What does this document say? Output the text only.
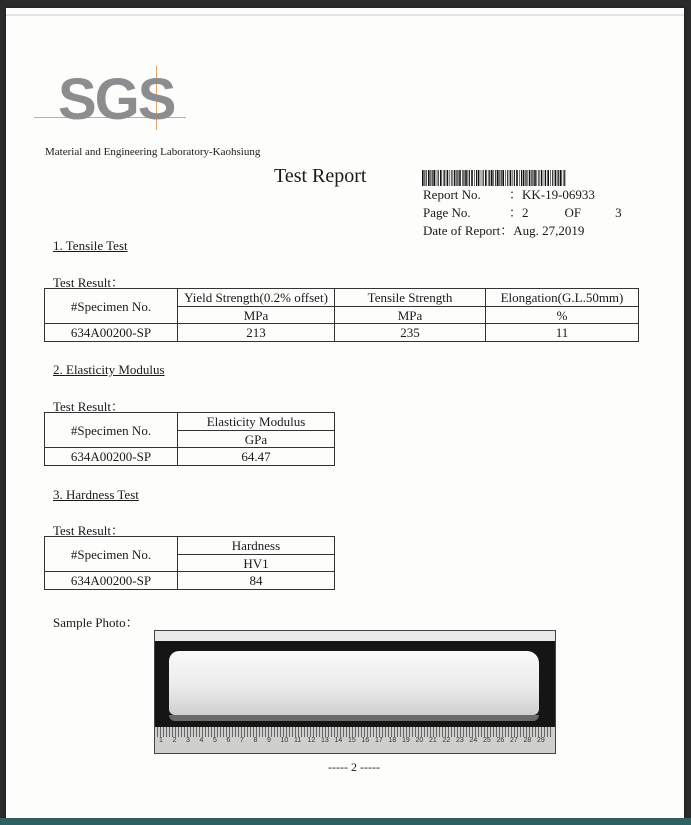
SGS
Material and Engineering Laboratory-Kaohsiung
Test Report
Report No. ：KK-19-06933
Page No.	：2	OF	3
Date of Report：Aug. 27,2019
1. Tensile Test
Test Result：
#Specimen No.	Yield Strength(0.2% offset)	Tensile Strength	Elongation(G.L.50mm)
	MPa	MPa	%
634A00200-SP	213	235	11
2. Elasticity Modulus
Test Result：
#Specimen No.	Elasticity Modulus
	GPa
634A00200-SP	64.47
3. Hardness Test
Test Result：
#Specimen No.	Hardness
	HV1
634A00200-SP	84
Sample Photo：
1 2 3 4 5 6 7 8 9 10 11 12 13 14 15 16 17 18 19 20 21 22 23 24 25 26 27 28 29
----- 2 -----
